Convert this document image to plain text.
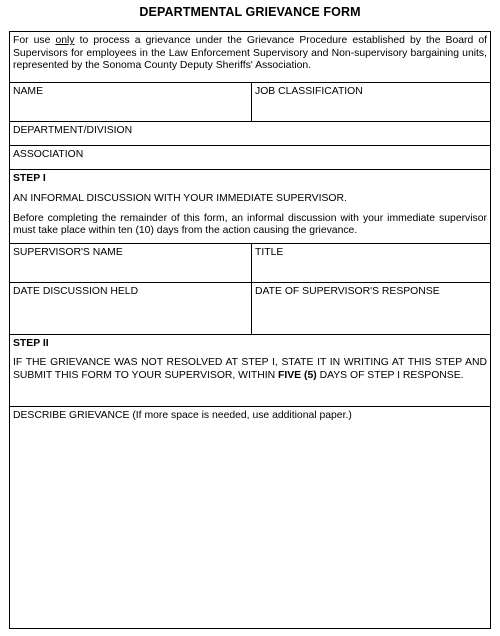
DEPARTMENTAL GRIEVANCE FORM

For use only to process a grievance under the Grievance Procedure established by the Board of Supervisors for employees in the Law Enforcement Supervisory and Non-supervisory bargaining units, represented by the Sonoma County Deputy Sheriffs' Association.

NAME	JOB CLASSIFICATION
DEPARTMENT/DIVISION
ASSOCIATION
STEP I

AN INFORMAL DISCUSSION WITH YOUR IMMEDIATE SUPERVISOR.

Before completing the remainder of this form, an informal discussion with your immediate supervisor must take place within ten (10) days from the action causing the grievance.

SUPERVISOR'S NAME	TITLE
DATE DISCUSSION HELD	DATE OF SUPERVISOR'S RESPONSE
STEP II

IF THE GRIEVANCE WAS NOT RESOLVED AT STEP I, STATE IT IN WRITING AT THIS STEP AND SUBMIT THIS FORM TO YOUR SUPERVISOR, WITHIN FIVE (5) DAYS OF STEP I RESPONSE.

DESCRIBE GRIEVANCE (If more space is needed, use additional paper.)
